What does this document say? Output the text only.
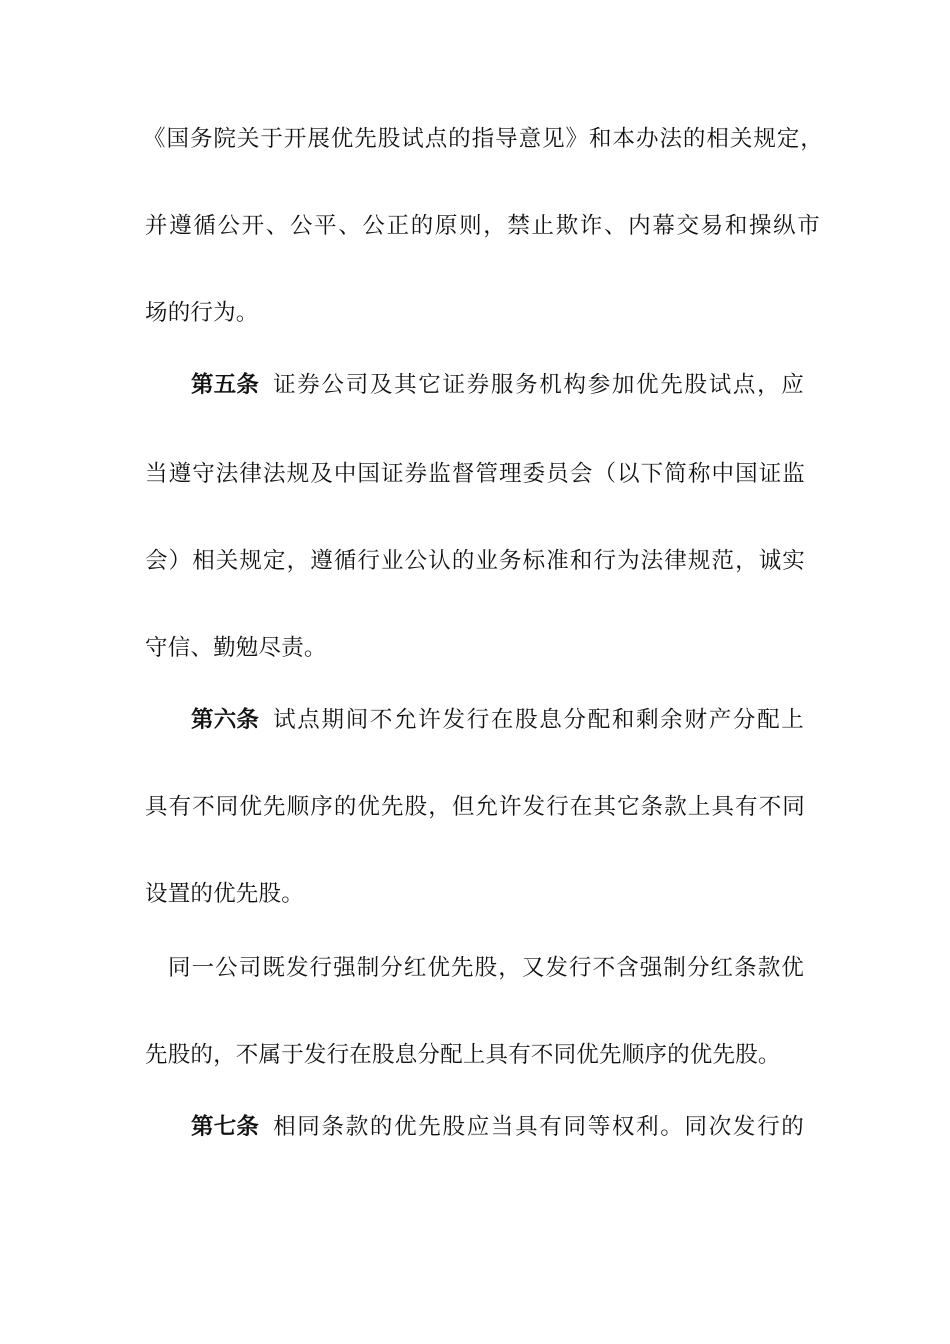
《国务院关于开展优先股试点的指导意见》和本办法的相关规定，
并遵循公开、公平、公正的原则，禁止欺诈、内幕交易和操纵市
场的行为。
第五条 证券公司及其它证券服务机构参加优先股试点，应
当遵守法律法规及中国证券监督管理委员会（以下简称中国证监
会）相关规定，遵循行业公认的业务标准和行为法律规范，诚实
守信、勤勉尽责。
第六条 试点期间不允许发行在股息分配和剩余财产分配上
具有不同优先顺序的优先股，但允许发行在其它条款上具有不同
设置的优先股。
同一公司既发行强制分红优先股，又发行不含强制分红条款优
先股的，不属于发行在股息分配上具有不同优先顺序的优先股。
第七条 相同条款的优先股应当具有同等权利。同次发行的
